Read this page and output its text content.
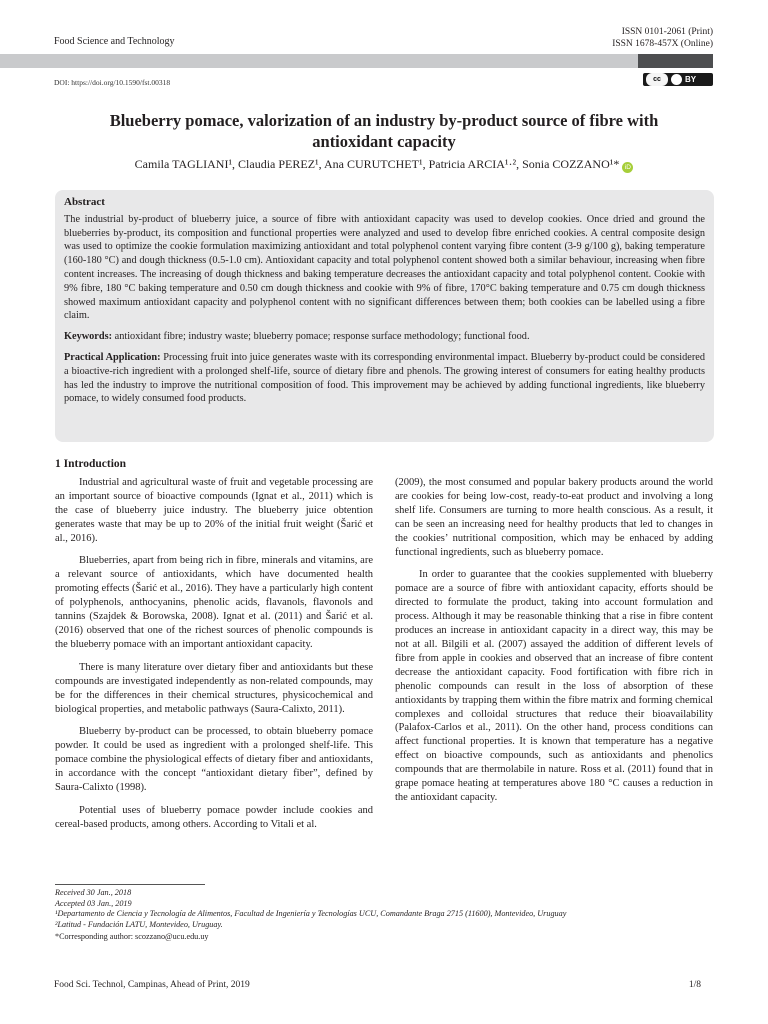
Food Science and Technology
ISSN 0101-2061 (Print)
ISSN 1678-457X (Online)
DOI: https://doi.org/10.1590/fst.00318	cc	BY
Blueberry pomace, valorization of an industry by-product source of fibre with antioxidant capacity
Camila TAGLIANI¹, Claudia PEREZ¹, Ana CURUTCHET¹, Patricia ARCIA¹·², Sonia COZZANO¹* iD
Abstract

The industrial by-product of blueberry juice, a source of fibre with antioxidant capacity was used to develop cookies. Once dried and ground the blueberries by-product, its composition and functional properties were analyzed and used to develop fibre enriched cookies. A central composite design was used to optimize the cookie formulation maximizing antioxidant and total polyphenol content varying fibre content (3-9 g/100 g), baking temperature (160-180 °C) and dough thickness (0.5-1.0 cm). Antioxidant capacity and total polyphenol content showed both a similar behaviour, increasing when fibre content increases. The increasing of dough thickness and baking temperature decreases the antioxidant capacity and total polyphenol content. Cookie with 9% fibre, 180 °C baking temperature and 0.50 cm dough thickness and cookie with 9% of fibre, 170°C baking temperature and 0.75 cm dough thickness showed maximum antioxidant capacity and polyphenol content with no significant differences between them; both cookies can be labelled using a fibre claim.

Keywords: antioxidant fibre; industry waste; blueberry pomace; response surface methodology; functional food.

Practical Application: Processing fruit into juice generates waste with its corresponding environmental impact. Blueberry by-product could be considered a bioactive-rich ingredient with a prolonged shelf-life, source of dietary fibre and phenols. The growing interest of consumers for eating healthy products has led the industry to improve the nutritional composition of food. This improvement may be achieved by adding functional ingredients, like blueberry pomace, to widely consumed food products.

1 Introduction

Industrial and agricultural waste of fruit and vegetable processing are an important source of bioactive compounds (Ignat et al., 2011) which is the case of blueberry juice industry. The blueberry juice obtention generates waste that may be up to 20% of the initial fruit weight (Šarić et al., 2016).

Blueberries, apart from being rich in fibre, minerals and vitamins, are a relevant source of antioxidants, which have documented health promoting effects (Šarić et al., 2016). They have a particularly high content of polyphenols, anthocyanins, phenolic acids, flavanols, flavonols and tannins (Szajdek & Borowska, 2008). Ignat et al. (2011) and Šarić et al. (2016) observed that one of the richest sources of phenolic compounds is the blueberry pomace with an important antioxidant capacity.

There is many literature over dietary fiber and antioxidants but these compounds are investigated independently as non-related compounds, may be for the differences in their chemical structures, physicochemical and biological properties, and metabolic pathways (Saura-Calixto, 2011).

Blueberry by-product can be processed, to obtain blueberry pomace powder. It could be used as ingredient with a prolonged shelf-life. This pomace combine the physiological effects of dietary fiber and antioxidants, in accordance with the concept “antioxidant dietary fiber”, defined by Saura-Calixto (1998).

Potential uses of blueberry pomace powder include cookies and cereal-based products, among others. According to Vitali et al.

(2009), the most consumed and popular bakery products around the world are cookies for being low-cost, ready-to-eat product and involving a long shelf life. Consumers are turning to more health conscious. As a result, it can be seen an increasing need for healthy products that led to changes in the cookies’ nutritional composition, which may be enhaced by adding functional ingredients, such as blueberry pomace.

In order to guarantee that the cookies supplemented with blueberry pomace are a source of fibre with antioxidant capacity, efforts should be directed to formulate the product, taking into account formulation and process. Although it may be reasonable thinking that a rise in fibre content produces an increase in antioxidant capacity in a direct way, this may be not at all. Bilgili et al. (2007) assayed the addition of different levels of fibre from apple in cookies and observed that an increase of fibre content decrease the antioxidant capacity. Food fortification with fibre rich in phenolic compounds can result in the loss of absorption of these antioxidants by trapping them within the fibre matrix and forming chemical complexes and colloidal structures that reduce their bioavailability (Palafox-Carlos et al., 2011). On the other hand, process conditions can affect functional properties. It is known that temperature has a negative effect on bioactive compounds, such as antioxidants and phenolics compounds that are thermolabile in nature. Ross et al. (2011) found that in grape pomace heating at temperatures above 180 °C causes a reduction in the antioxidant capacity.

Received 30 Jan., 2018
Accepted 03 Jan., 2019
¹Departamento de Ciencia y Tecnología de Alimentos, Facultad de Ingeniería y Tecnologías UCU, Comandante Braga 2715 (11600), Montevideo, Uruguay
²Latitud - Fundación LATU, Montevideo, Uruguay.
*Corresponding author: scozzano@ucu.edu.uy
Food Sci. Technol, Campinas, Ahead of Print, 2019	1/8
